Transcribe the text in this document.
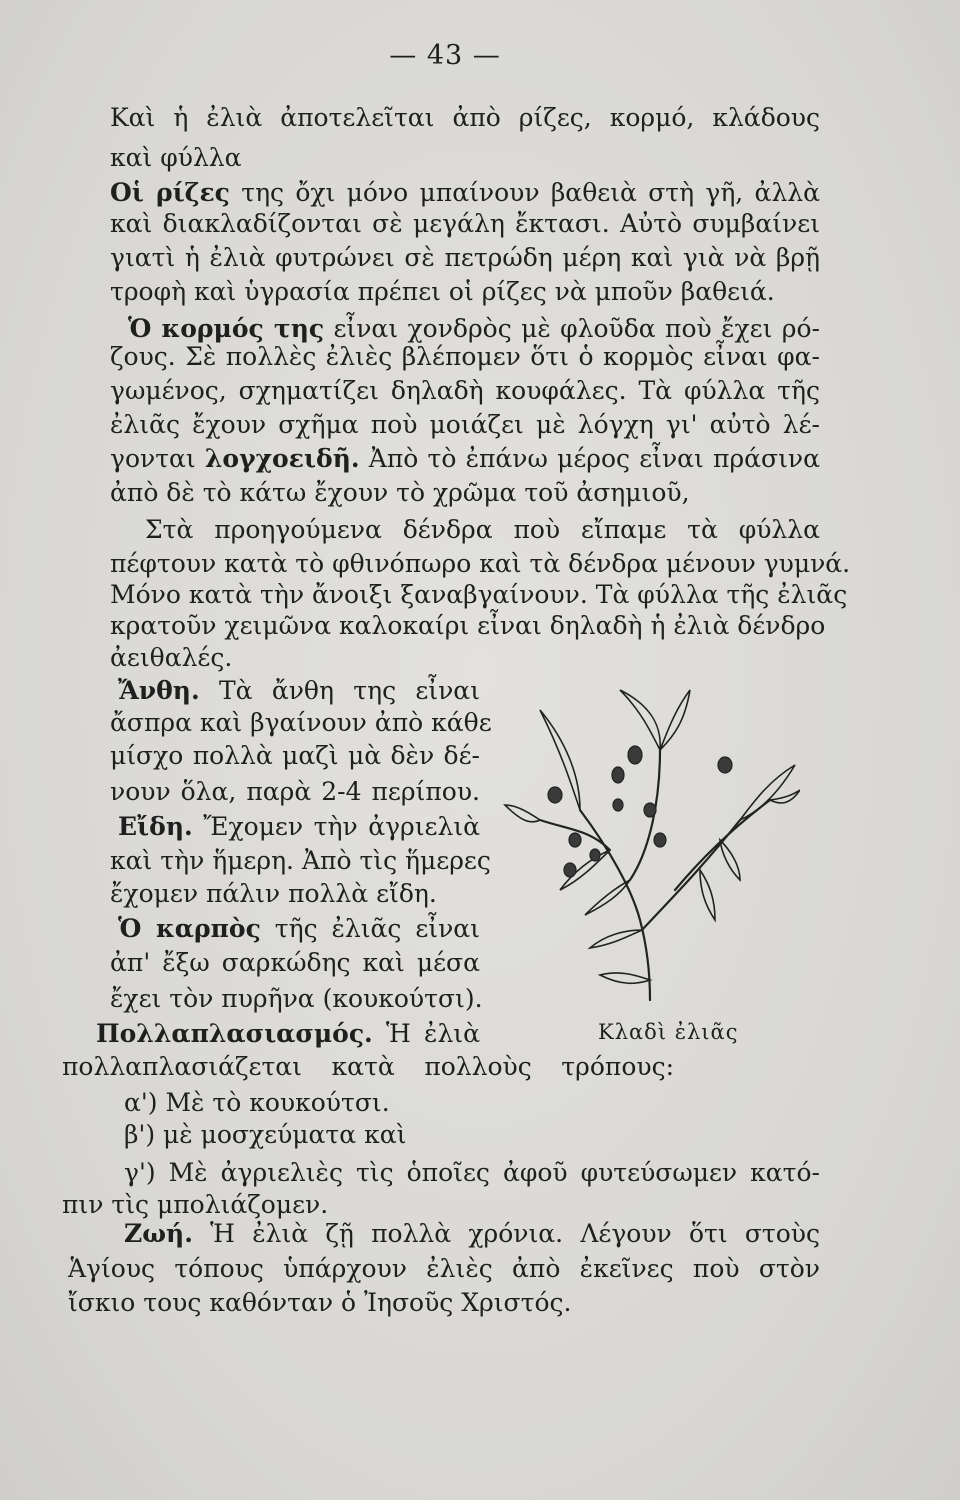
— 43 —
Καὶ ἡ ἐλιὰ ἀποτελεῖται ἀπὸ ρίζες, κορμό, κλάδους
καὶ φύλλα
Οἱ ρίζες της ὄχι μόνο μπαίνουν βαθειὰ στὴ γῆ, ἀλλὰ
καὶ διακλαδίζονται σὲ μεγάλη ἔκτασι. Αὐτὸ συμβαίνει
γιατὶ ἡ ἐλιὰ φυτρώνει σὲ πετρώδη μέρη καὶ γιὰ νὰ βρῇ
τροφὴ καὶ ὑγρασία πρέπει οἱ ρίζες νὰ μποῦν βαθειά.
Ὁ κορμός της εἶναι χονδρὸς μὲ φλοῦδα ποὺ ἔχει ρό-
ζους. Σὲ πολλὲς ἐλιὲς βλέπομεν ὅτι ὁ κορμὸς εἶναι φα-
γωμένος, σχηματίζει δηλαδὴ κουφάλες. Τὰ φύλλα τῆς
ἐλιᾶς ἔχουν σχῆμα ποὺ μοιάζει μὲ λόγχη γι' αὐτὸ λέ-
γονται λογχοειδῆ. Ἀπὸ τὸ ἐπάνω μέρος εἶναι πράσινα
ἀπὸ δὲ τὸ κάτω ἔχουν τὸ χρῶμα τοῦ ἀσημιοῦ,
Στὰ προηγούμενα δένδρα ποὺ εἴπαμε τὰ φύλλα
πέφτουν κατὰ τὸ φθινόπωρο καὶ τὰ δένδρα μένουν γυμνά.
Μόνο κατὰ τὴν ἄνοιξι ξαναβγαίνουν. Τὰ φύλλα τῆς ἐλιᾶς
κρατοῦν χειμῶνα καλοκαίρι εἶναι δηλαδὴ ἡ ἐλιὰ δένδρο
ἀειθαλές.
Ἄνθη. Τὰ ἄνθη της εἶναι
ἄσπρα καὶ βγαίνουν ἀπὸ κάθε
μίσχο πολλὰ μαζὶ μὰ δὲν δέ-
νουν ὅλα, παρὰ 2-4 περίπου.
Εἴδη. Ἔχομεν τὴν ἀγριελιὰ
καὶ τὴν ἥμερη. Ἀπὸ τὶς ἥμερες
ἔχομεν πάλιν πολλὰ εἴδη.
Ὁ καρπὸς τῆς ἐλιᾶς εἶναι
ἀπ' ἔξω σαρκώδης καὶ μέσα
ἔχει τὸν πυρῆνα (κουκούτσι).
Πολλαπλασιασμός. Ἡ ἐλιὰ
πολλαπλασιάζεται κατὰ πολλοὺς τρόπους:
α') Μὲ τὸ κουκούτσι.
β') μὲ μοσχεύματα καὶ
γ') Μὲ ἀγριελιὲς τὶς ὁποῖες ἀφοῦ φυτεύσωμεν κατό-
πιν τὶς μπολιάζομεν.
Ζωή. Ἡ ἐλιὰ ζῇ πολλὰ χρόνια. Λέγουν ὅτι στοὺς
Ἁγίους τόπους ὑπάρχουν ἐλιὲς ἀπὸ ἐκεῖνες ποὺ στὸν
ἴσκιο τους καθόνταν ὁ Ἰησοῦς Χριστός.
Κλαδὶ ἐλιᾶς
